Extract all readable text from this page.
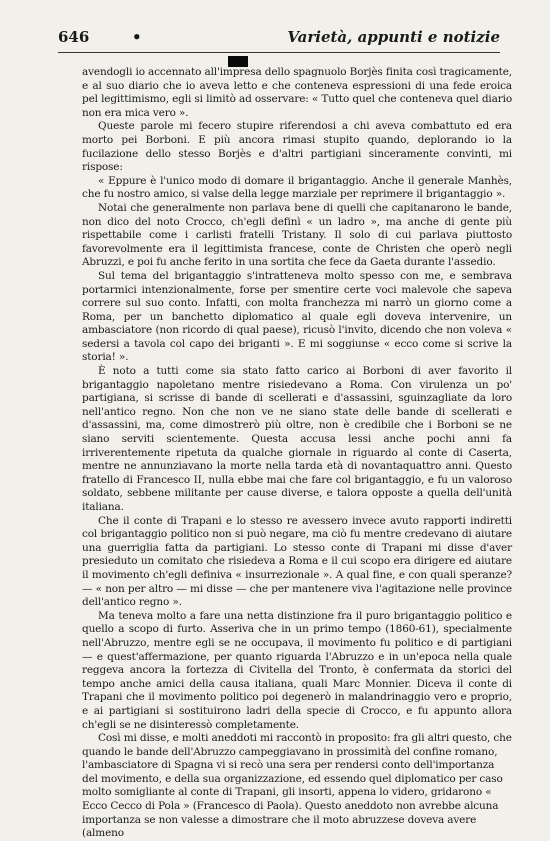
646	•	Varietà, appunti e notizie

avendogli io accennato all'impresa dello spagnuolo Borjès finita così tragicamente, e al suo diario che io aveva letto e che conteneva espressioni di una fede eroica pel legittimismo, egli si limitò ad osservare: « Tutto quel che conteneva quel diario non era mica vero ».

Queste parole mi fecero stupire riferendosi a chi aveva combattuto ed era morto pei Borboni. E più ancora rimasi stupito quando, deplorando io la fucilazione dello stesso Borjès e d'altri partigiani sinceramente convinti, mi rispose:

« Eppure è l'unico modo di domare il brigantaggio. Anche il generale Manhès, che fu nostro amico, si valse della legge marziale per reprimere il brigantaggio ».

Notai che generalmente non parlava bene di quelli che capitanarono le bande, non dico del noto Crocco, ch'egli definì « un ladro », ma anche di gente più rispettabile come i carlisti fratelli Tristany. Il solo di cui parlava piuttosto favorevolmente era il legittimista francese, conte de Christen che operò negli Abruzzi, e poi fu anche ferito in una sortita che fece da Gaeta durante l'assedio.

Sul tema del brigantaggio s'intratteneva molto spesso con me, e sembrava portarmici intenzionalmente, forse per smentire certe voci malevole che sapeva correre sul suo conto. Infatti, con molta franchezza mi narrò un giorno come a Roma, per un banchetto diplomatico al quale egli doveva intervenire, un ambasciatore (non ricordo di qual paese), ricusò l'invito, dicendo che non voleva « sedersi a tavola col capo dei briganti ». E mi soggiunse « ecco come si scrive la storia! ».

È noto a tutti come sia stato fatto carico ai Borboni di aver favorito il brigantaggio napoletano mentre risiedevano a Roma. Con virulenza un po' partigiana, si scrisse di bande di scellerati e d'assassini, sguinzagliate da loro nell'antico regno. Non che non ve ne siano state delle bande di scellerati e d'assassini, ma, come dimostrerò più oltre, non è credibile che i Borboni se ne siano serviti scientemente. Questa accusa lessi anche pochi anni fa irriverentemente ripetuta da qualche giornale in riguardo al conte di Caserta, mentre ne annunziavano la morte nella tarda età di novantaquattro anni. Questo fratello di Francesco II, nulla ebbe mai che fare col brigantaggio, e fu un valoroso soldato, sebbene militante per cause diverse, e talora opposte a quella dell'unità italiana.

Che il conte di Trapani e lo stesso re avessero invece avuto rapporti indiretti col brigantaggio politico non si può negare, ma ciò fu mentre credevano di aiutare una guerriglia fatta da partigiani. Lo stesso conte di Trapani mi disse d'aver presieduto un comitato che risiedeva a Roma e il cui scopo era dirigere ed aiutare il movimento ch'egli definiva « insurrezionale ». A qual fine, e con quali speranze? — « non per altro — mi disse — che per mantenere viva l'agitazione nelle province dell'antico regno ».

Ma teneva molto a fare una netta distinzione fra il puro brigantaggio politico e quello a scopo di furto. Asseriva che in un primo tempo (1860-61), specialmente nell'Abruzzo, mentre egli se ne occupava, il movimento fu politico e di partigiani — e quest'affermazione, per quanto riguarda l'Abruzzo e in un'epoca nella quale reggeva ancora la fortezza di Civitella del Tronto, è confermata da storici del tempo anche amici della causa italiana, quali Marc Monnier. Diceva il conte di Trapani che il movimento politico poi degenerò in malandrinaggio vero e proprio, e ai partigiani si sostituirono ladri della specie di Crocco, e fu appunto allora ch'egli se ne disinteressò completamente.

Così mi disse, e molti aneddoti mi raccontò in proposito: fra gli altri questo, che quando le bande dell'Abruzzo campeggiavano in prossimità del confine romano, l'ambasciatore di Spagna vi si recò una sera per rendersi conto dell'importanza del movimento, e della sua organizzazione, ed essendo quel diplomatico per caso molto somigliante al conte di Trapani, gli insorti, appena lo videro, gridarono « Ecco Cecco di Pola » (Francesco di Paola). Questo aneddoto non avrebbe alcuna importanza se non valesse a dimostrare che il moto abruzzese doveva avere (almeno
